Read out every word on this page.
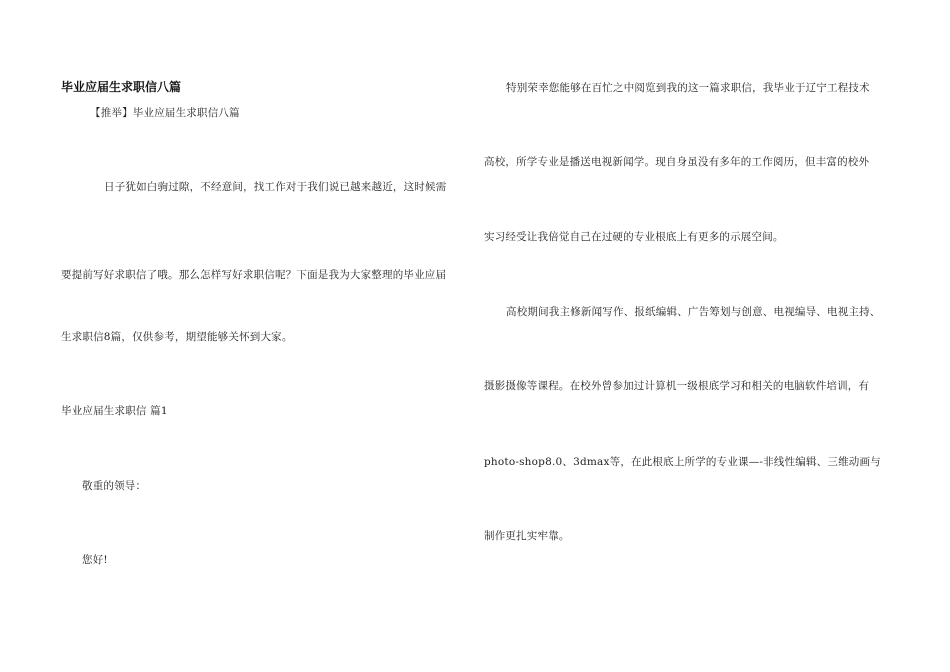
毕业应届生求职信八篇
【推举】毕业应届生求职信八篇
日子犹如白驹过隙，不经意间，找工作对于我们说已越来越近，这时候需
要提前写好求职信了哦。那么怎样写好求职信呢？下面是我为大家整理的毕业应届
生求职信8篇，仅供参考，期望能够关怀到大家。
毕业应届生求职信 篇1
敬重的领导：
您好!
特别荣幸您能够在百忙之中阅览到我的这一篇求职信，我毕业于辽宁工程技术
高校，所学专业是播送电视新闻学。现自身虽没有多年的工作阅历，但丰富的校外
实习经受让我倍觉自己在过硬的专业根底上有更多的示展空间。
高校期间我主修新闻写作、报纸编辑、广告筹划与创意、电视编导、电视主持、
摄影摄像等课程。在校外曾参加过计算机一级根底学习和相关的电脑软件培训，有
photo-shop8.0、3dmax等，在此根底上所学的专业课—-非线性编辑、三维动画与
制作更扎实牢靠。
